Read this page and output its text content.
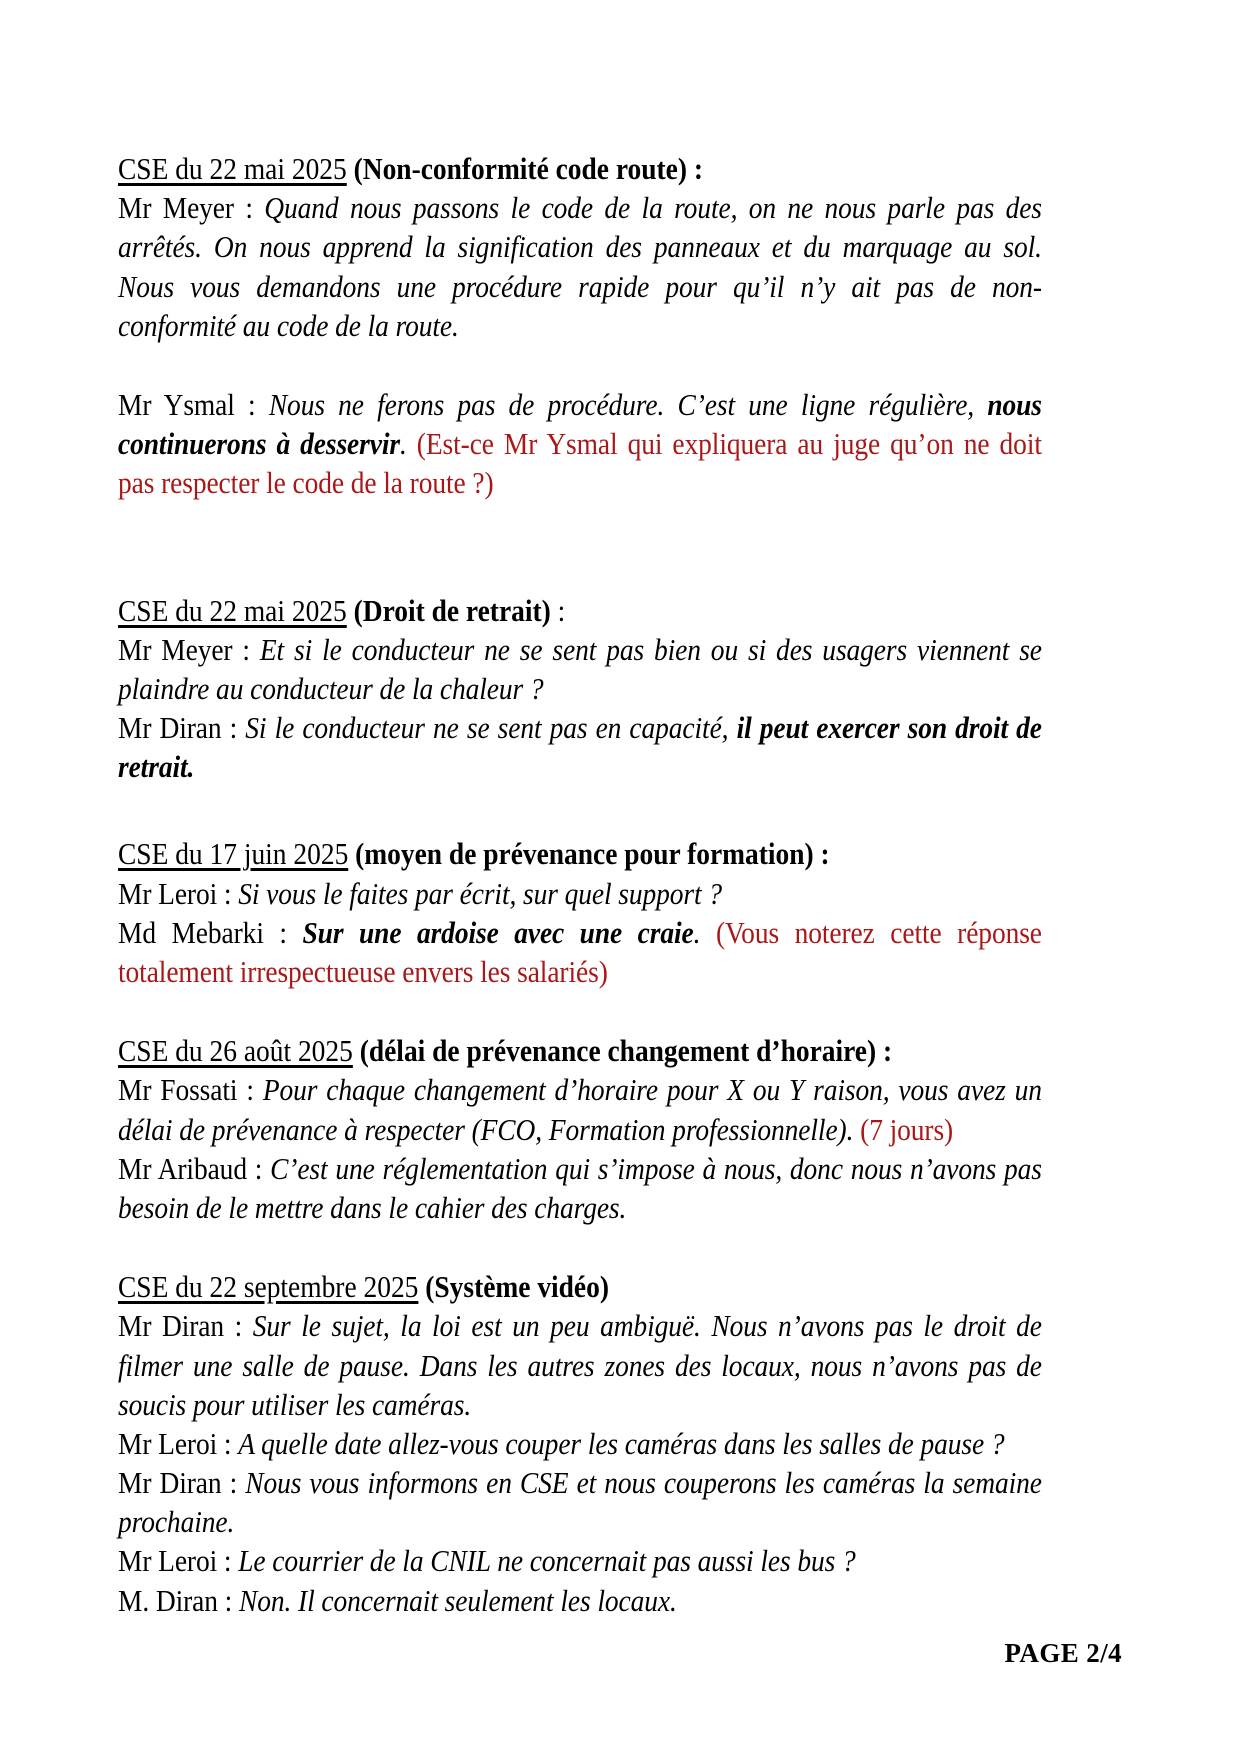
CSE du 22 mai 2025 (Non-conformité code route) :

Mr Meyer : Quand nous passons le code de la route, on ne nous parle pas des arrêtés. On nous apprend la signification des panneaux et du marquage au sol. Nous vous demandons une procédure rapide pour qu’il n’y ait pas de non-conformité au code de la route.

Mr Ysmal : Nous ne ferons pas de procédure. C’est une ligne régulière, nous continuerons à desservir. (Est-ce Mr Ysmal qui expliquera au juge qu’on ne doit pas respecter le code de la route ?)

CSE du 22 mai 2025 (Droit de retrait) :

Mr Meyer : Et si le conducteur ne se sent pas bien ou si des usagers viennent se plaindre au conducteur de la chaleur ?

Mr Diran : Si le conducteur ne se sent pas en capacité, il peut exercer son droit de retrait.

CSE du 17 juin 2025 (moyen de prévenance pour formation) :

Mr Leroi : Si vous le faites par écrit, sur quel support ?

Md Mebarki : Sur une ardoise avec une craie. (Vous noterez cette réponse totalement irrespectueuse envers les salariés)

CSE du 26 août 2025 (délai de prévenance changement d’horaire) :

Mr Fossati : Pour chaque changement d’horaire pour X ou Y raison, vous avez un délai de prévenance à respecter (FCO, Formation professionnelle). (7 jours)

Mr Aribaud : C’est une réglementation qui s’impose à nous, donc nous n’avons pas besoin de le mettre dans le cahier des charges.

CSE du 22 septembre 2025 (Système vidéo)

Mr Diran : Sur le sujet, la loi est un peu ambiguë. Nous n’avons pas le droit de filmer une salle de pause. Dans les autres zones des locaux, nous n’avons pas de soucis pour utiliser les caméras.

Mr Leroi : A quelle date allez-vous couper les caméras dans les salles de pause ?

Mr Diran : Nous vous informons en CSE et nous couperons les caméras la semaine prochaine.

Mr Leroi : Le courrier de la CNIL ne concernait pas aussi les bus ?

M. Diran : Non. Il concernait seulement les locaux.

PAGE 2/4
